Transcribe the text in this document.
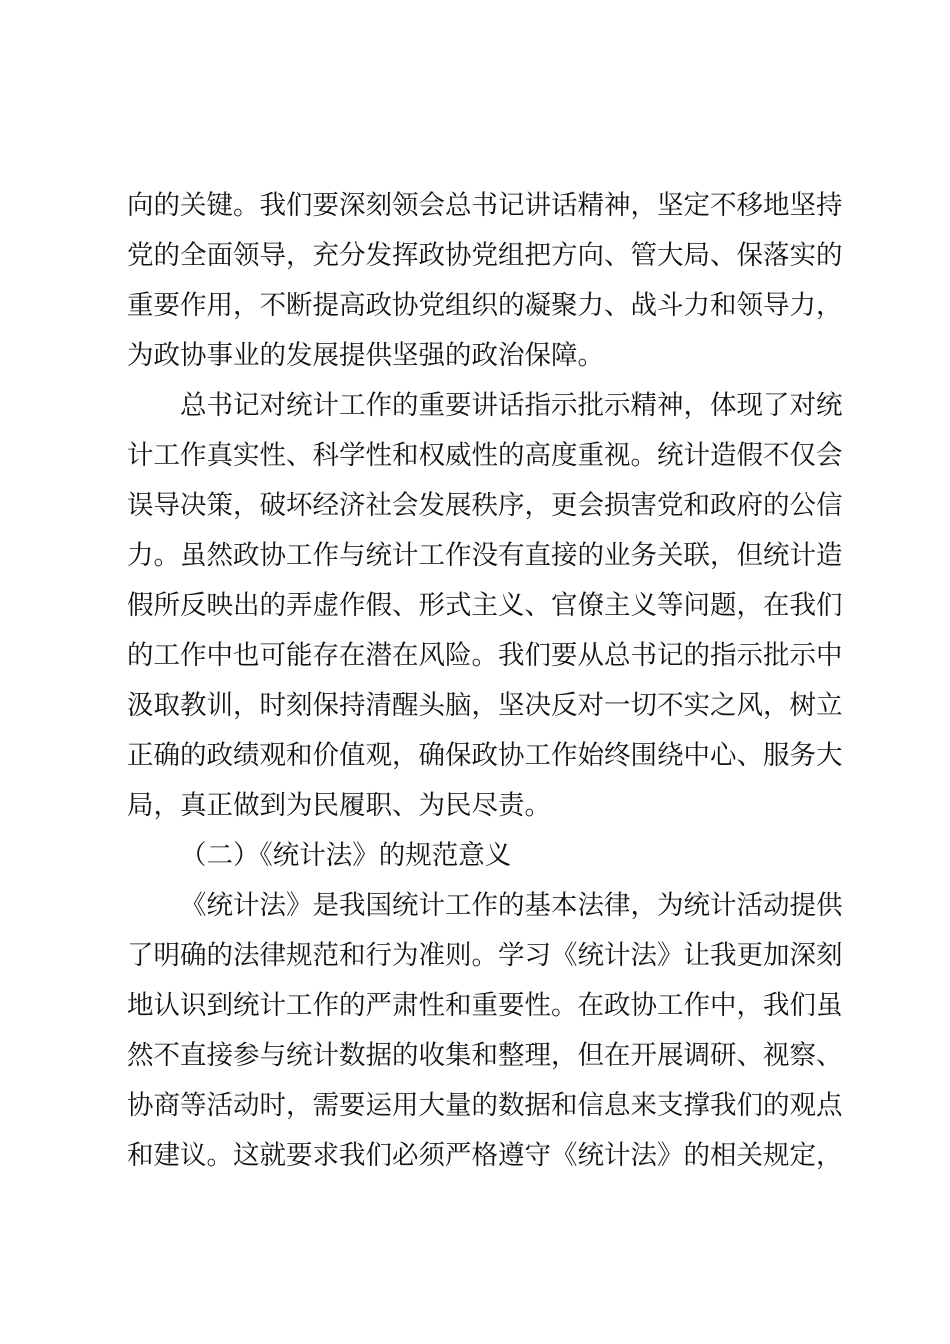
向的关键。我们要深刻领会总书记讲话精神，坚定不移地坚持
党的全面领导，充分发挥政协党组把方向、管大局、保落实的
重要作用，不断提高政协党组织的凝聚力、战斗力和领导力，
为政协事业的发展提供坚强的政治保障。
总书记对统计工作的重要讲话指示批示精神，体现了对统
计工作真实性、科学性和权威性的高度重视。统计造假不仅会
误导决策，破坏经济社会发展秩序，更会损害党和政府的公信
力。虽然政协工作与统计工作没有直接的业务关联，但统计造
假所反映出的弄虚作假、形式主义、官僚主义等问题，在我们
的工作中也可能存在潜在风险。我们要从总书记的指示批示中
汲取教训，时刻保持清醒头脑，坚决反对一切不实之风，树立
正确的政绩观和价值观，确保政协工作始终围绕中心、服务大
局，真正做到为民履职、为民尽责。
（二）《统计法》的规范意义
《统计法》是我国统计工作的基本法律，为统计活动提供
了明确的法律规范和行为准则。学习《统计法》让我更加深刻
地认识到统计工作的严肃性和重要性。在政协工作中，我们虽
然不直接参与统计数据的收集和整理，但在开展调研、视察、
协商等活动时，需要运用大量的数据和信息来支撑我们的观点
和建议。这就要求我们必须严格遵守《统计法》的相关规定，
